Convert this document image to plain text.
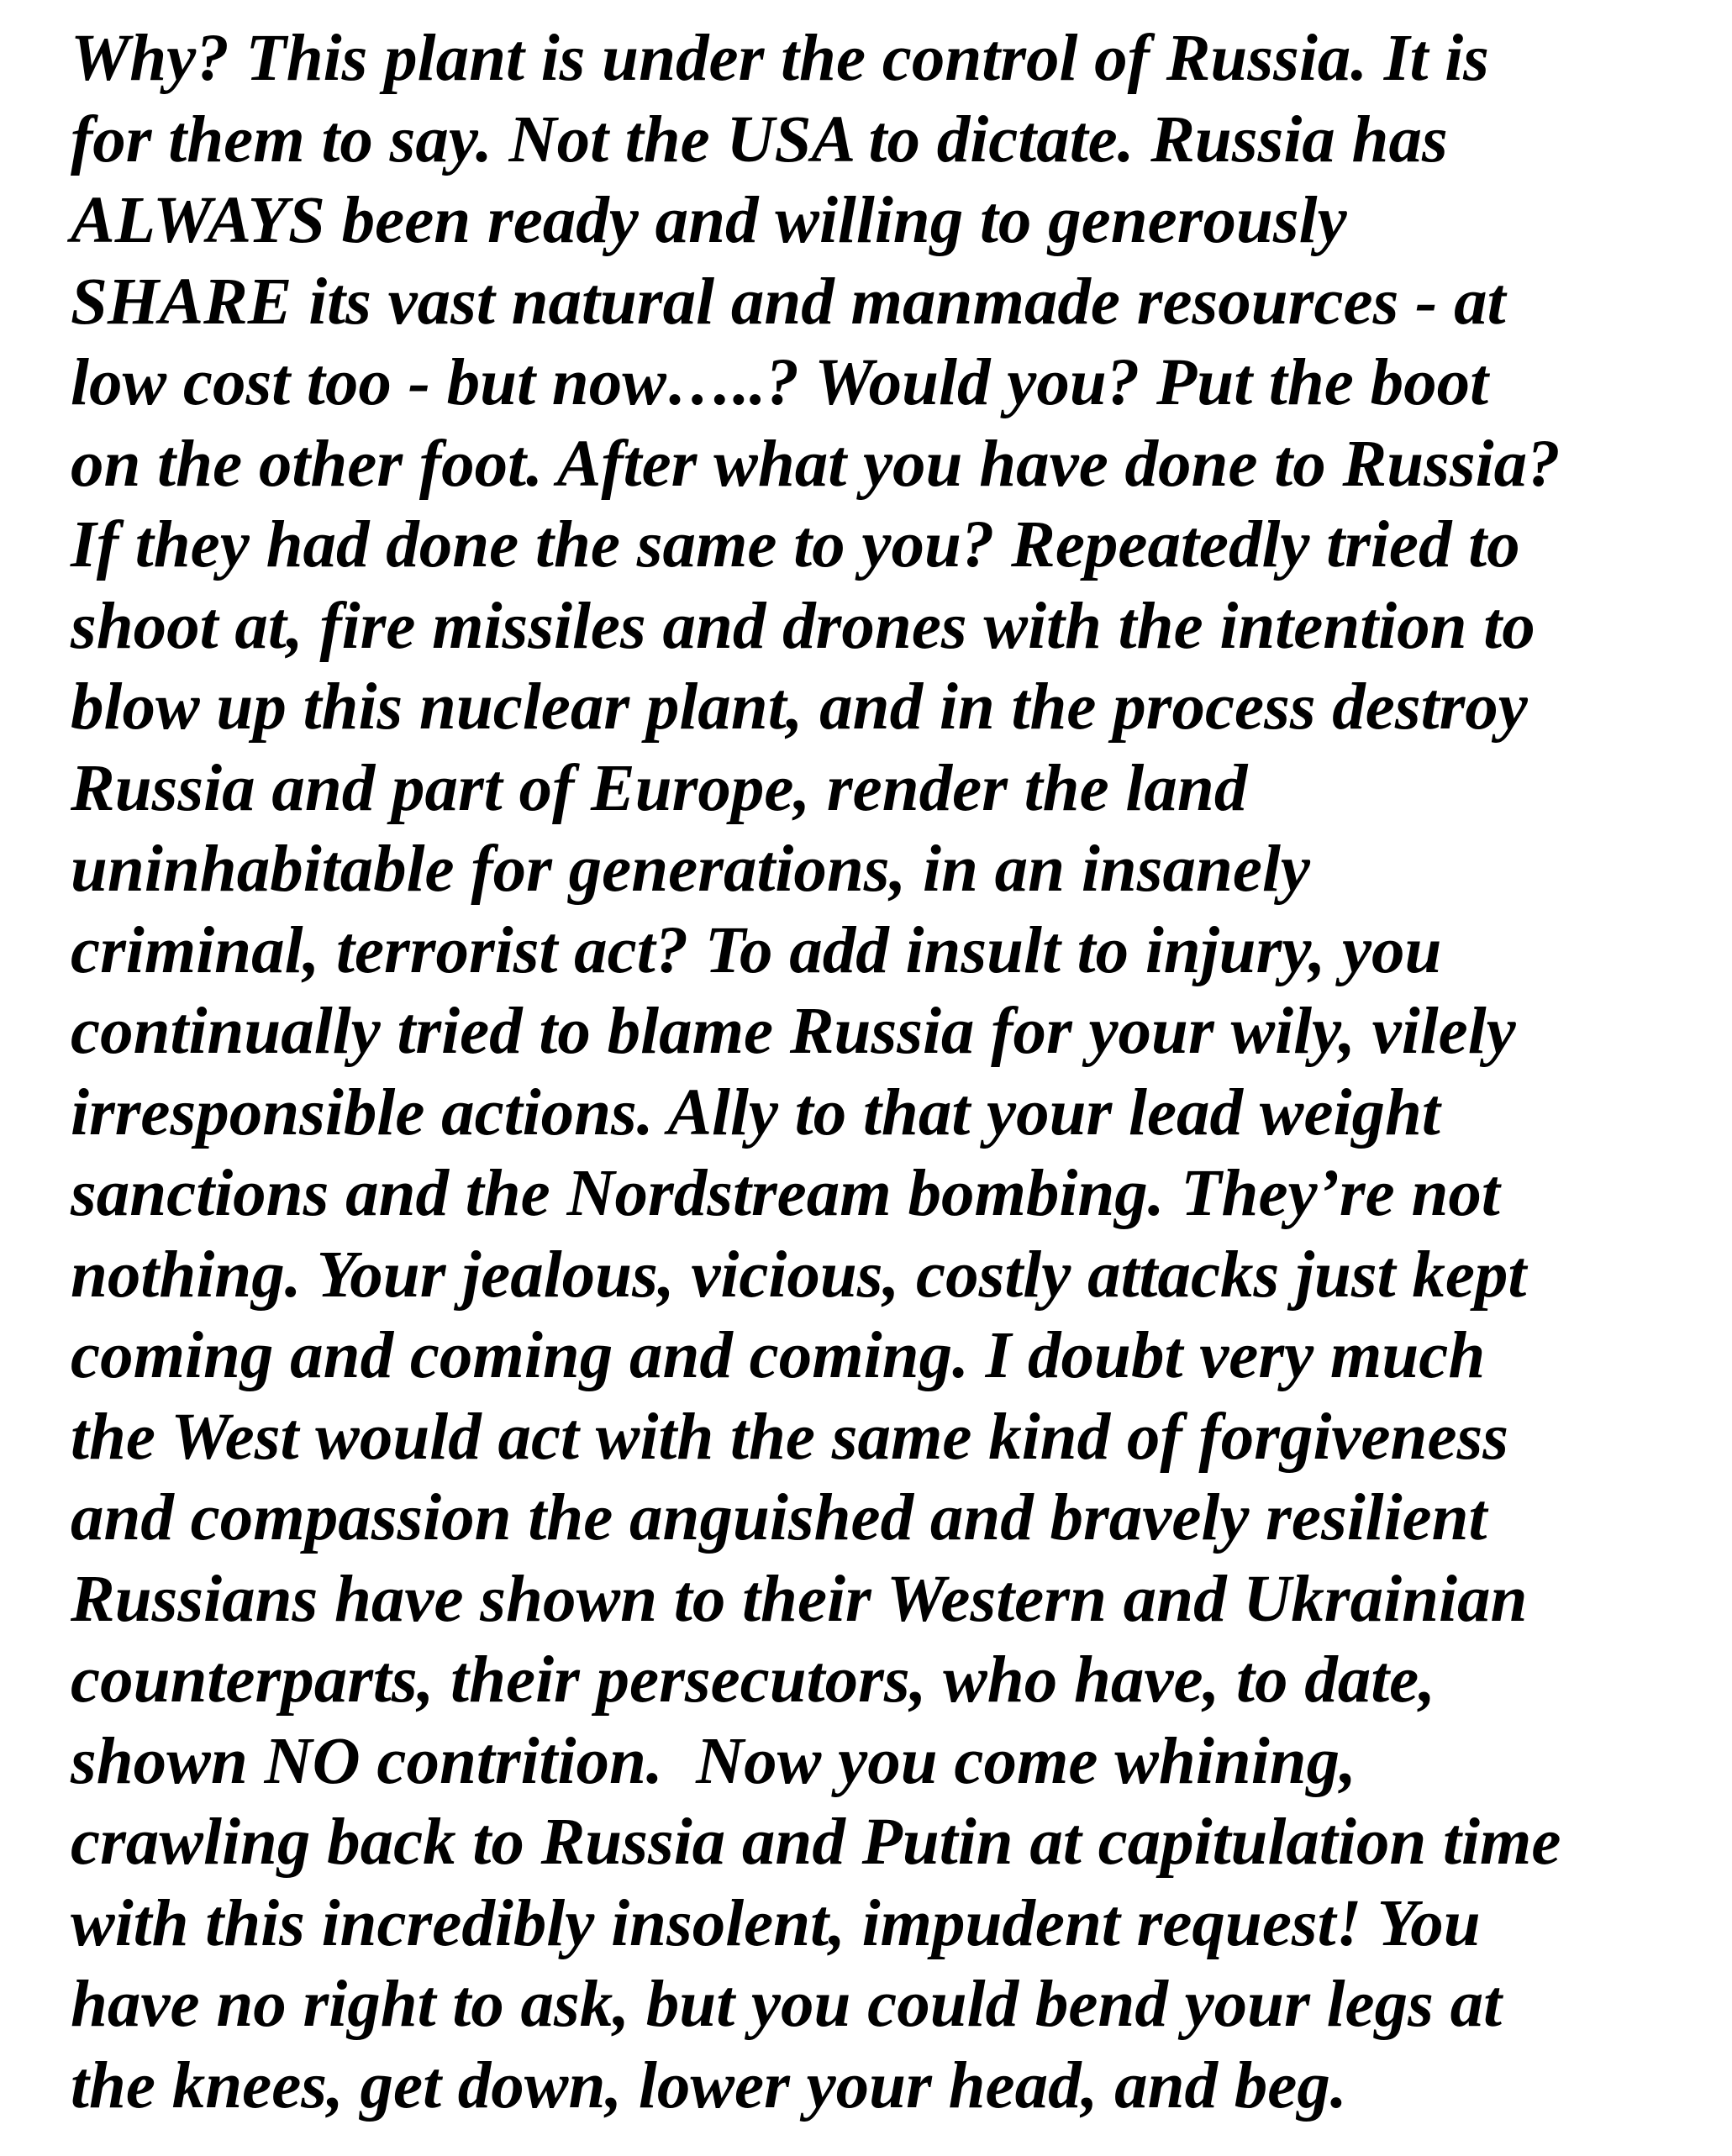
Why? This plant is under the control of Russia. It is
for them to say. Not the USA to dictate. Russia has
ALWAYS been ready and willing to generously
SHARE its vast natural and manmade resources - at
low cost too - but now…..? Would you? Put the boot
on the other foot. After what you have done to Russia?
If they had done the same to you? Repeatedly tried to
shoot at, fire missiles and drones with the intention to
blow up this nuclear plant, and in the process destroy
Russia and part of Europe, render the land
uninhabitable for generations, in an insanely
criminal, terrorist act? To add insult to injury, you
continually tried to blame Russia for your wily, vilely
irresponsible actions. Ally to that your lead weight
sanctions and the Nordstream bombing. They’re not
nothing. Your jealous, vicious, costly attacks just kept
coming and coming and coming. I doubt very much
the West would act with the same kind of forgiveness
and compassion the anguished and bravely resilient
Russians have shown to their Western and Ukrainian
counterparts, their persecutors, who have, to date,
shown NO contrition.  Now you come whining,
crawling back to Russia and Putin at capitulation time
with this incredibly insolent, impudent request! You
have no right to ask, but you could bend your legs at
the knees, get down, lower your head, and beg.
